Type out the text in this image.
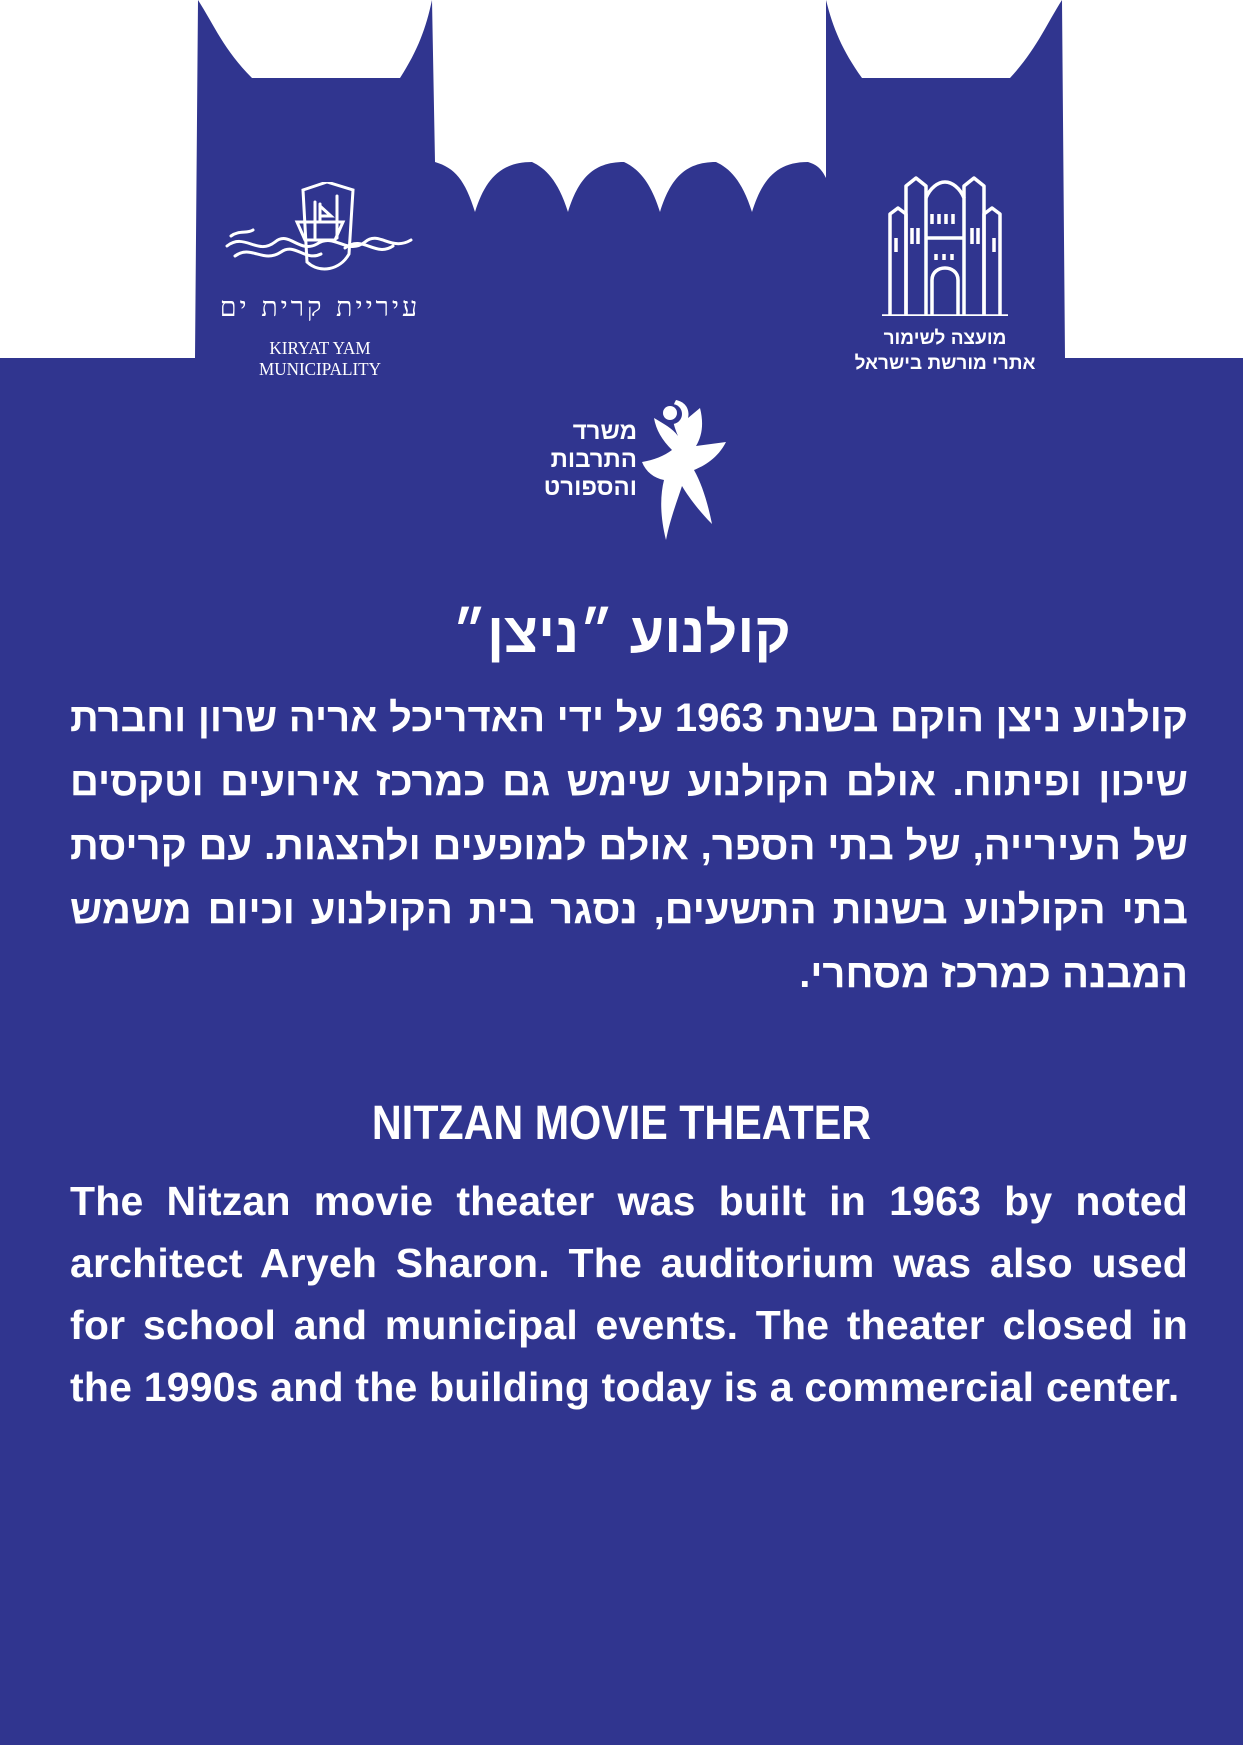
עיריית קרית ים
KIRYAT YAM MUNICIPALITY
מועצה לשימור
אתרי מורשת בישראל
משרד
התרבות
והספורט
קולנוע ״ניצן״

קולנוע ניצן הוקם בשנת 1963 על ידי האדריכל אריה שרון וחברת שיכון ופיתוח. אולם הקולנוע שימש גם כמרכז אירועים וטקסים של העירייה, של בתי הספר, אולם למופעים ולהצגות. עם קריסת בתי הקולנוע בשנות התשעים, נסגר בית הקולנוע וכיום משמש המבנה כמרכז מסחרי.

NITZAN MOVIE THEATER

The Nitzan movie theater was built in 1963 by noted architect Aryeh Sharon. The auditorium was also used for school and municipal events. The theater closed in the 1990s and the building today is a commercial center.
